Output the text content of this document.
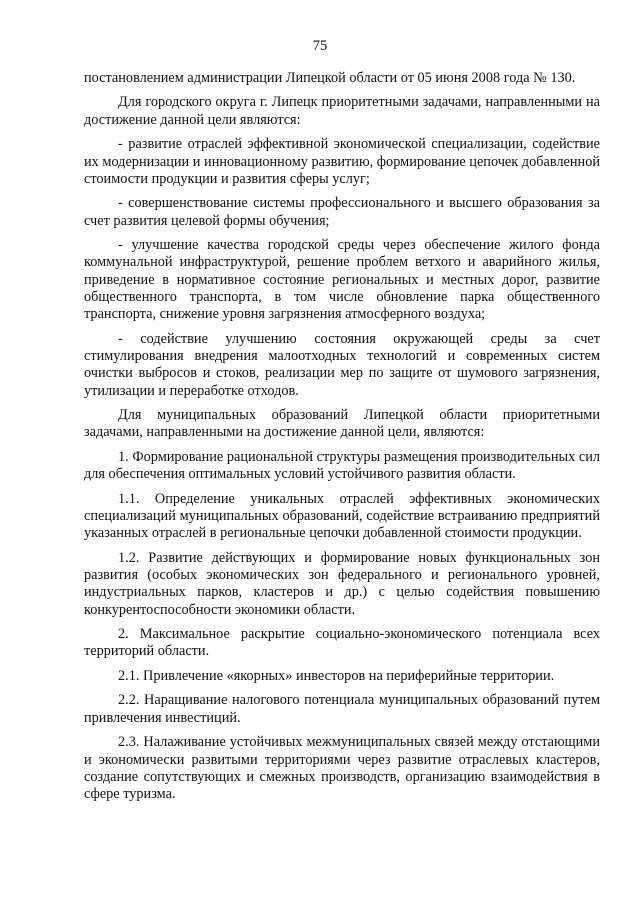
75

постановлением администрации Липецкой области от 05 июня 2008 года № 130.

Для городского округа г. Липецк приоритетными задачами, направленными на достижение данной цели являются:

- развитие отраслей эффективной экономической специализации, содействие их модернизации и инновационному развитию, формирование цепочек добавленной стоимости продукции и развития сферы услуг;

- совершенствование системы профессионального и высшего образования за счет развития целевой формы обучения;

- улучшение качества городской среды через обеспечение жилого фонда коммунальной инфраструктурой, решение проблем ветхого и аварийного жилья, приведение в нормативное состояние региональных и местных дорог, развитие общественного транспорта, в том числе обновление парка общественного транспорта, снижение уровня загрязнения атмосферного воздуха;

- содействие улучшению состояния окружающей среды за счет стимулирования внедрения малоотходных технологий и современных систем очистки выбросов и стоков, реализации мер по защите от шумового загрязнения, утилизации и переработке отходов.

Для муниципальных образований Липецкой области приоритетными задачами, направленными на достижение данной цели, являются:

1. Формирование рациональной структуры размещения производительных сил для обеспечения оптимальных условий устойчивого развития области.

1.1. Определение уникальных отраслей эффективных экономических специализаций муниципальных образований, содействие встраиванию предприятий указанных отраслей в региональные цепочки добавленной стоимости продукции.

1.2. Развитие действующих и формирование новых функциональных зон развития (особых экономических зон федерального и регионального уровней, индустриальных парков, кластеров и др.) с целью содействия повышению конкурентоспособности экономики области.

2. Максимальное раскрытие социально-экономического потенциала всех территорий области.

2.1. Привлечение «якорных» инвесторов на периферийные территории.

2.2. Наращивание налогового потенциала муниципальных образований путем привлечения инвестиций.

2.3. Налаживание устойчивых межмуниципальных связей между отстающими и экономически развитыми территориями через развитие отраслевых кластеров, создание сопутствующих и смежных производств, организацию взаимодействия в сфере туризма.
